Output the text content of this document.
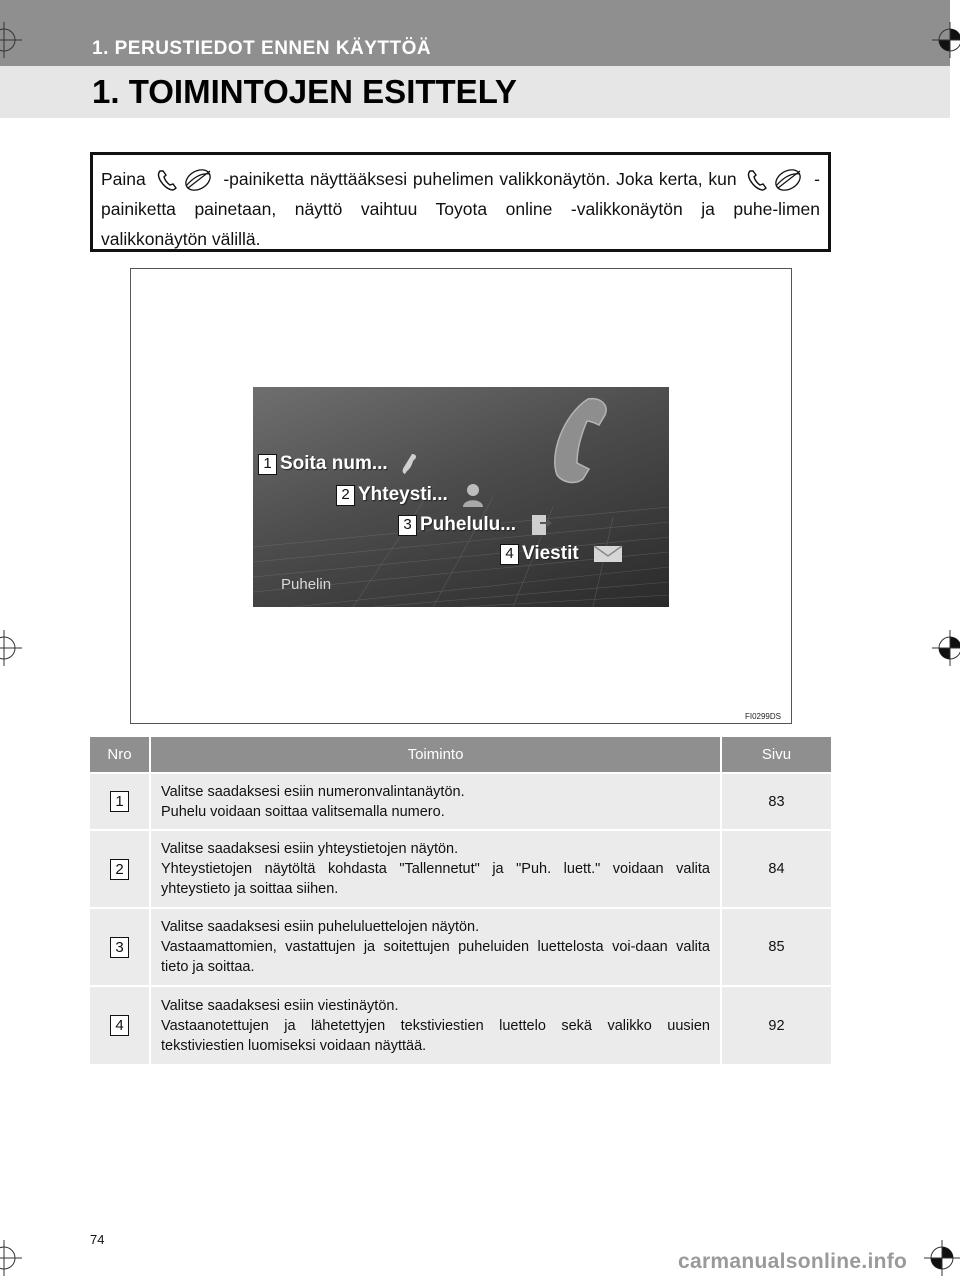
1. PERUSTIEDOT ENNEN KÄYTTÖÄ
1. TOIMINTOJEN ESITTELY
Paina	-painiketta näyttääksesi puhelimen valikkonäytön. Joka kerta, kun	-painiketta painetaan, näyttö vaihtuu Toyota online -valikkonäytön ja puhe-limen valikkonäytön välillä.
1 Soita num...
2 Yhteysti...
3 Puhelulu...
4 Viestit
Puhelin
FI0299DS
Nro	Toiminto	Sivu
1	Valitse saadaksesi esiin numeronvalintanäytön.
Puhelu voidaan soittaa valitsemalla numero.	83
2	Valitse saadaksesi esiin yhteystietojen näytön.
Yhteystietojen näytöltä kohdasta "Tallennetut" ja "Puh. luett." voidaan valita yhteystieto ja soittaa siihen.	84
3	Valitse saadaksesi esiin puheluluettelojen näytön.
Vastaamattomien, vastattujen ja soitettujen puheluiden luettelosta voi-daan valita tieto ja soittaa.	85
4	Valitse saadaksesi esiin viestinäytön.
Vastaanotettujen ja lähetettyjen tekstiviestien luettelo sekä valikko uusien tekstiviestien luomiseksi voidaan näyttää.	92
74
carmanualsonline.info
